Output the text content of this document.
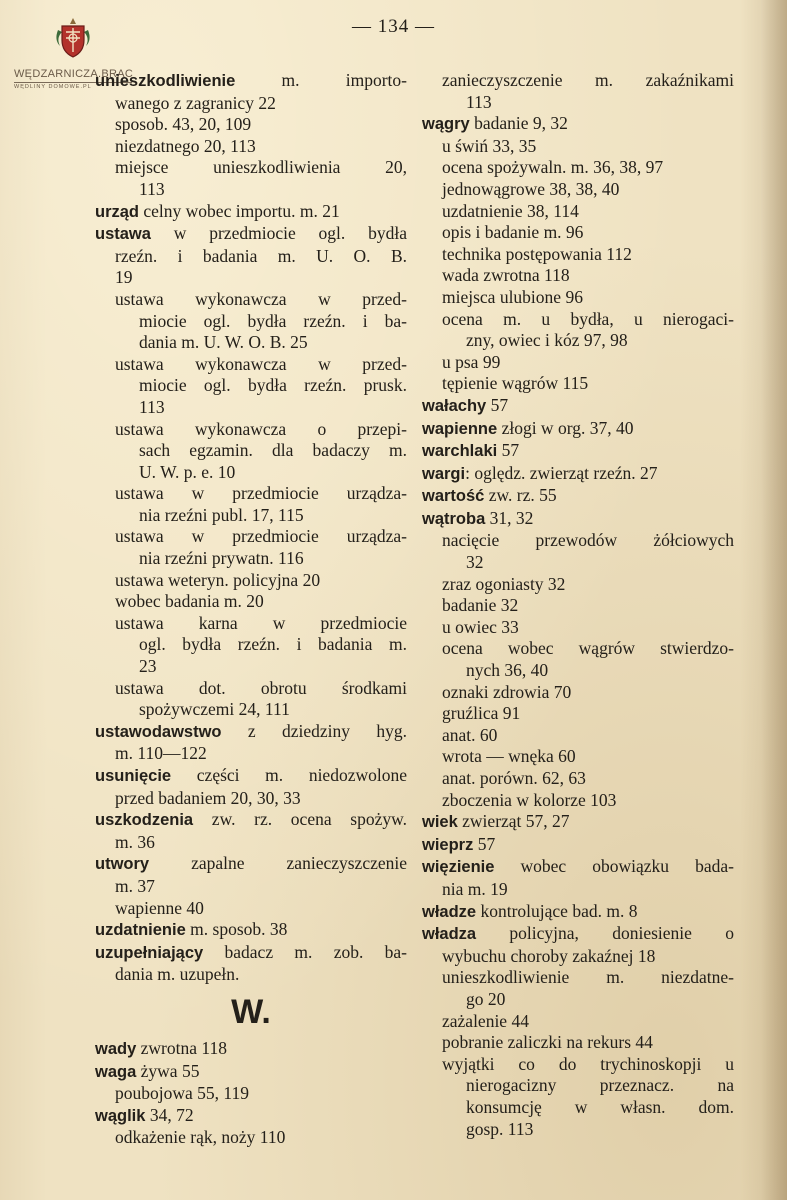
WĘDZARNICZA.BRAC
WĘDLINY DOMOWE.PL
— 134 —
unieszkodliwienie m. importo-
wanego z zagranicy 22
sposob. 43, 20, 109
niezdatnego 20, 113
miejsce unieszkodliwienia 20,
113
urząd celny wobec importu. m. 21
ustawa w przedmiocie ogl. bydła
rzeźn. i badania m. U. O. B.
19
ustawa wykonawcza w przed-
miocie ogl. bydła rzeźn. i ba-
dania m. U. W. O. B. 25
ustawa wykonawcza w przed-
miocie ogl. bydła rzeźn. prusk.
113
ustawa wykonawcza o przepi-
sach egzamin. dla badaczy m.
U. W. p. e. 10
ustawa w przedmiocie urządza-
nia rzeźni publ. 17, 115
ustawa w przedmiocie urządza-
nia rzeźni prywatn. 116
ustawa weteryn. policyjna 20
wobec badania m. 20
ustawa karna w przedmiocie
ogl. bydła rzeźn. i badania m.
23
ustawa dot. obrotu środkami
spożywczemi 24, 111
ustawodawstwo z dziedziny hyg.
m. 110—122
usunięcie części m. niedozwolone
przed badaniem 20, 30, 33
uszkodzenia zw. rz. ocena spożyw.
m. 36
utwory zapalne zanieczyszczenie
m. 37
wapienne 40
uzdatnienie m. sposob. 38
uzupełniający badacz m. zob. ba-
dania m. uzupełn.
W.
wady zwrotna 118
waga żywa 55
poubojowa 55, 119
wąglik 34, 72
odkażenie rąk, noży 110
zanieczyszczenie m. zakaźnikami
113
wągry badanie 9, 32
u świń 33, 35
ocena spożywaln. m. 36, 38, 97
jednowągrowe 38, 38, 40
uzdatnienie 38, 114
opis i badanie m. 96
technika postępowania 112
wada zwrotna 118
miejsca ulubione 96
ocena m. u bydła, u nierogaci-
zny, owiec i kóz 97, 98
u psa 99
tępienie wągrów 115
wałachy 57
wapienne złogi w org. 37, 40
warchlaki 57
wargi: oględz. zwierząt rzeźn. 27
wartość zw. rz. 55
wątroba 31, 32
nacięcie przewodów żółciowych
32
zraz ogoniasty 32
badanie 32
u owiec 33
ocena wobec wągrów stwierdzo-
nych 36, 40
oznaki zdrowia 70
gruźlica 91
anat. 60
wrota — wnęka 60
anat. porówn. 62, 63
zboczenia w kolorze 103
wiek zwierząt 57, 27
wieprz 57
więzienie wobec obowiązku bada-
nia m. 19
władze kontrolujące bad. m. 8
władza policyjna, doniesienie o
wybuchu choroby zakaźnej 18
unieszkodliwienie m. niezdatne-
go 20
zażalenie 44
pobranie zaliczki na rekurs 44
wyjątki co do trychinoskopji u
nierogacizny przeznacz. na
konsumcję w własn. dom.
gosp. 113
